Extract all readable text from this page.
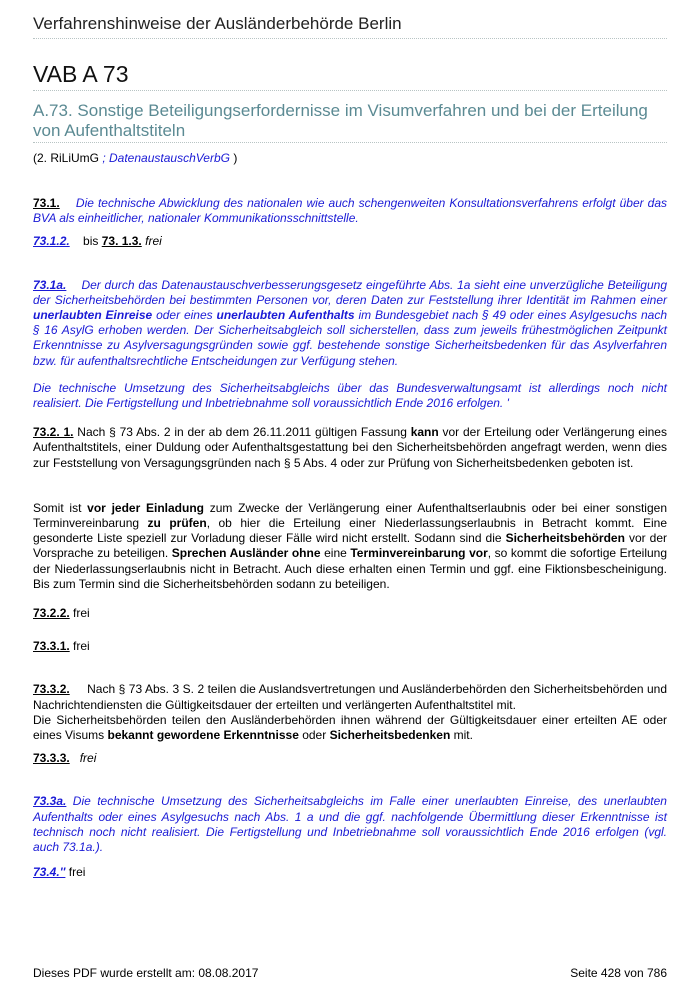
Verfahrenshinweise der Ausländerbehörde Berlin
VAB A 73
A.73. Sonstige Beteiligungserfordernisse im Visumverfahren und bei der Erteilung
von Aufenthaltstiteln
(2. RiLiUmG ; DatenaustauschVerbG )

73.1. Die technische Abwicklung des nationalen wie auch schengenweiten Konsultationsverfahrens erfolgt über das BVA als einheitlicher, nationaler Kommunikationsschnittstelle.

73.1.2. bis 73. 1.3. frei

73.1a. Der durch das Datenaustauschverbesserungsgesetz eingeführte Abs. 1a sieht eine unverzügliche Beteiligung der Sicherheitsbehörden bei bestimmten Personen vor, deren Daten zur Feststellung ihrer Identität im Rahmen einer unerlaubten Einreise oder eines unerlaubten Aufenthalts im Bundesgebiet nach § 49 oder eines Asylgesuchs nach § 16 AsylG erhoben werden. Der Sicherheitsabgleich soll sicherstellen, dass zum jeweils frühestmöglichen Zeitpunkt Erkenntnisse zu Asylversagungsgründen sowie ggf. bestehende sonstige Sicherheitsbedenken für das Asylverfahren bzw. für aufenthaltsrechtliche Entscheidungen zur Verfügung stehen.

Die technische Umsetzung des Sicherheitsabgleichs über das Bundesverwaltungsamt ist allerdings noch nicht realisiert. Die Fertigstellung und Inbetriebnahme soll voraussichtlich Ende 2016 erfolgen. '

73.2. 1. Nach § 73 Abs. 2 in der ab dem 26.11.2011 gültigen Fassung kann vor der Erteilung oder Verlängerung eines Aufenthaltstitels, einer Duldung oder Aufenthaltsgestattung bei den Sicherheitsbehörden angefragt werden, wenn dies zur Feststellung von Versagungsgründen nach § 5 Abs. 4 oder zur Prüfung von Sicherheitsbedenken geboten ist.

Somit ist vor jeder Einladung zum Zwecke der Verlängerung einer Aufenthaltserlaubnis oder bei einer sonstigen Terminvereinbarung zu prüfen, ob hier die Erteilung einer Niederlassungserlaubnis in Betracht kommt. Eine gesonderte Liste speziell zur Vorladung dieser Fälle wird nicht erstellt. Sodann sind die Sicherheitsbehörden vor der Vorsprache zu beteiligen. Sprechen Ausländer ohne eine Terminvereinbarung vor, so kommt die sofortige Erteilung der Niederlassungserlaubnis nicht in Betracht. Auch diese erhalten einen Termin und ggf. eine Fiktionsbescheinigung. Bis zum Termin sind die Sicherheitsbehörden sodann zu beteiligen.

73.2.2. frei

73.3.1. frei

73.3.2. Nach § 73 Abs. 3 S. 2 teilen die Auslandsvertretungen und Ausländerbehörden den Sicherheitsbehörden und Nachrichtendiensten die Gültigkeitsdauer der erteilten und verlängerten Aufenthaltstitel mit.
Die Sicherheitsbehörden teilen den Ausländerbehörden ihnen während der Gültigkeitsdauer einer erteilten AE oder eines Visums bekannt gewordene Erkenntnisse oder Sicherheitsbedenken mit.

73.3.3. frei

73.3a. Die technische Umsetzung des Sicherheitsabgleichs im Falle einer unerlaubten Einreise, des unerlaubten Aufenthalts oder eines Asylgesuchs nach Abs. 1 a und die ggf. nachfolgende Übermittlung dieser Erkenntnisse ist technisch noch nicht realisiert. Die Fertigstellung und Inbetriebnahme soll voraussichtlich Ende 2016 erfolgen (vgl. auch 73.1a.).

73.4.'' frei

Dieses PDF wurde erstellt am: 08.08.2017	Seite 428 von 786
